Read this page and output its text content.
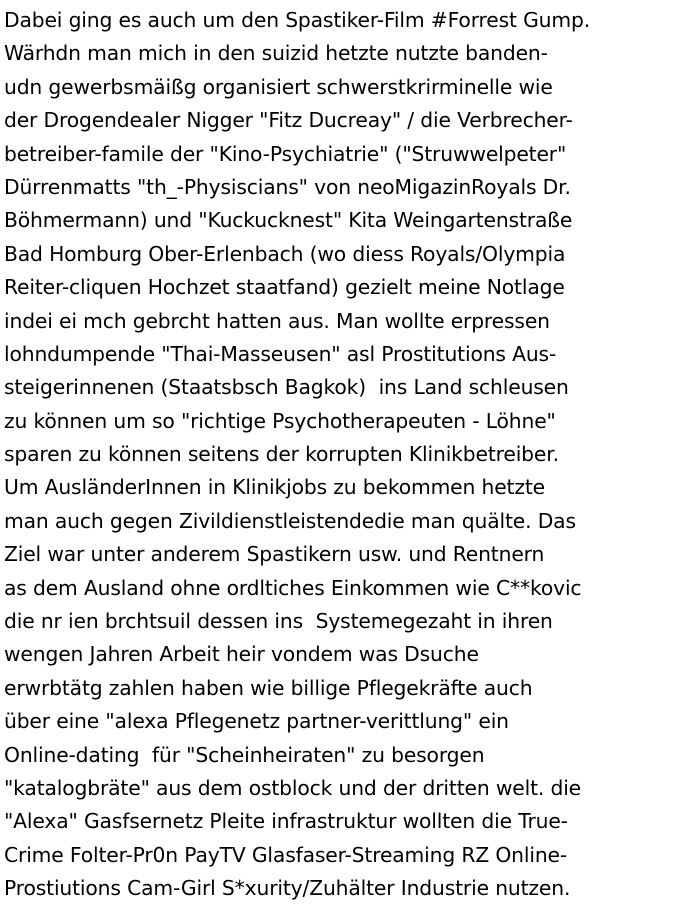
Dabei ging es auch um den Spastiker-Film #Forrest Gump.
Wärhdn man mich in den suizid hetzte nutzte banden-
udn gewerbsmäißg organisiert schwerstkrirminelle wie
der Drogendealer Nigger "Fitz Ducreay" / die Verbrecher-
betreiber-famile der "Kino-Psychiatrie" ("Struwwelpeter"
Dürrenmatts "th_-Physiscians" von neoMigazinRoyals Dr.
Böhmermann) und "Kuckucknest" Kita Weingartenstraße
Bad Homburg Ober-Erlenbach (wo diess Royals/Olympia
Reiter-cliquen Hochzet staatfand) gezielt meine Notlage
indei ei mch gebrcht hatten aus. Man wollte erpressen
lohndumpende "Thai-Masseusen" asl Prostitutions Aus-
steigerinnenen (Staatsbsch Bagkok)  ins Land schleusen
zu können um so "richtige Psychotherapeuten - Löhne"
sparen zu können seitens der korrupten Klinikbetreiber.
Um AusländerInnen in Klinikjobs zu bekommen hetzte
man auch gegen Zivildienstleistendedie man quälte. Das
Ziel war unter anderem Spastikern usw. und Rentnern
as dem Ausland ohne ordltiches Einkommen wie C**kovic
die nr ien brchtsuil dessen ins  Systemegezaht in ihren
wengen Jahren Arbeit heir vondem was Dsuche
erwrbtätg zahlen haben wie billige Pflegekräfte auch
über eine "alexa Pflegenetz partner-verittlung" ein
Online-dating  für "Scheinheiraten" zu besorgen
"katalogbräte" aus dem ostblock und der dritten welt. die
"Alexa" Gasfsernetz Pleite infrastruktur wollten die True-
Crime Folter-Pr0n PayTV Glasfaser-Streaming RZ Online-
Prostiutions Cam-Girl S*xurity/Zuhälter Industrie nutzen.
